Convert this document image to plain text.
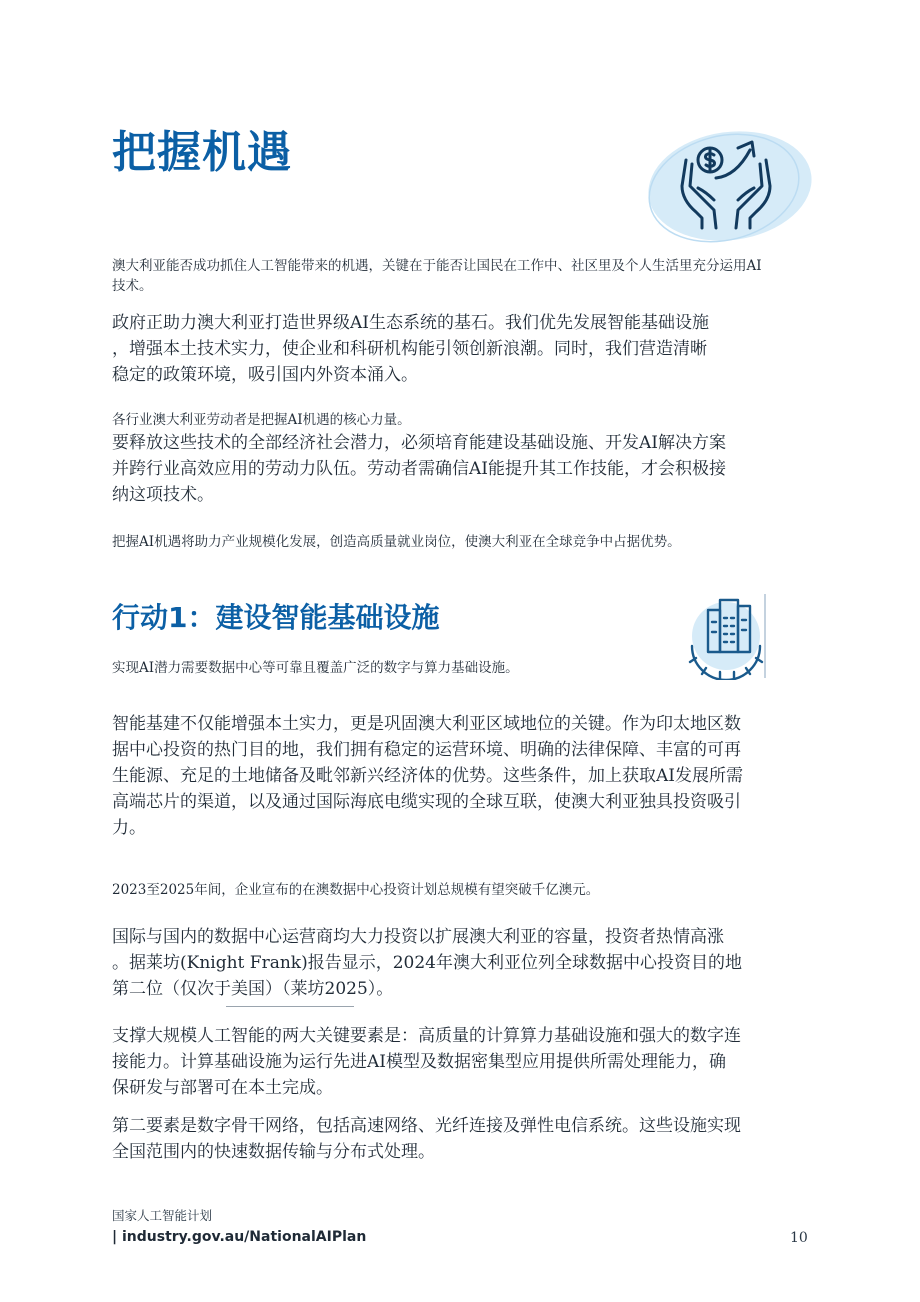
把握机遇

澳大利亚能否成功抓住人工智能带来的机遇，关键在于能否让国民在工作中、社区里及个人生活里充分运用AI技术。

政府正助力澳大利亚打造世界级AI生态系统的基石。我们优先发展智能基础设施

，增强本土技术实力，使企业和科研机构能引领创新浪潮。同时，我们营造清晰

稳定的政策环境，吸引国内外资本涌入。

各行业澳大利亚劳动者是把握AI机遇的核心力量。

要释放这些技术的全部经济社会潜力，必须培育能建设基础设施、开发AI解决方案

并跨行业高效应用的劳动力队伍。劳动者需确信AI能提升其工作技能，才会积极接

纳这项技术。

把握AI机遇将助力产业规模化发展，创造高质量就业岗位，使澳大利亚在全球竞争中占据优势。

行动1：建设智能基础设施

实现AI潜力需要数据中心等可靠且覆盖广泛的数字与算力基础设施。

智能基建不仅能增强本土实力，更是巩固澳大利亚区域地位的关键。作为印太地区数

据中心投资的热门目的地，我们拥有稳定的运营环境、明确的法律保障、丰富的可再

生能源、充足的土地储备及毗邻新兴经济体的优势。这些条件，加上获取AI发展所需

高端芯片的渠道，以及通过国际海底电缆实现的全球互联，使澳大利亚独具投资吸引

力。

2023至2025年间，企业宣布的在澳数据中心投资计划总规模有望突破千亿澳元。

国际与国内的数据中心运营商均大力投资以扩展澳大利亚的容量，投资者热情高涨

。据莱坊(Knight Frank)报告显示，2024年澳大利亚位列全球数据中心投资目的地

第二位（仅次于美国）（莱坊2025）。

支撑大规模人工智能的两大关键要素是：高质量的计算算力基础设施和强大的数字连

接能力。计算基础设施为运行先进AI模型及数据密集型应用提供所需处理能力，确

保研发与部署可在本土完成。

第二要素是数字骨干网络，包括高速网络、光纤连接及弹性电信系统。这些设施实现

全国范围内的快速数据传输与分布式处理。

国家人工智能计划
| industry.gov.au/NationalAIPlan	10
